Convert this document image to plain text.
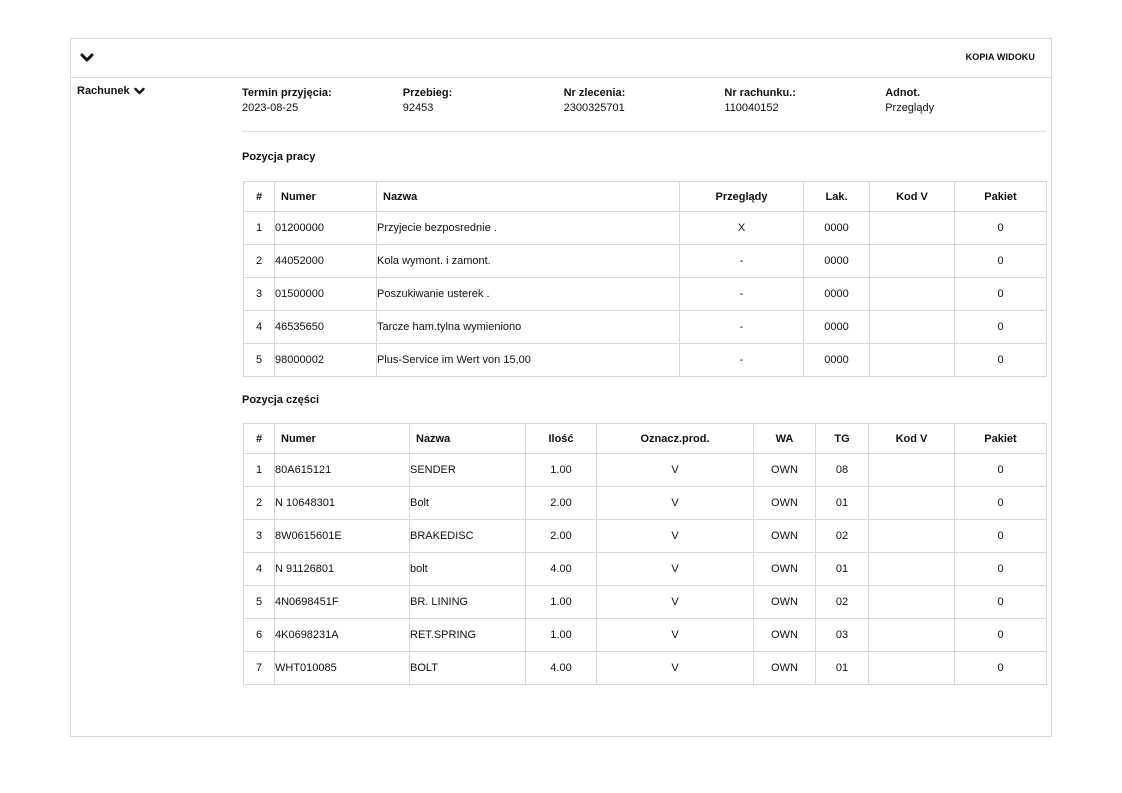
KOPIA WIDOKU
Rachunek	Termin przyjęcia:
2023-08-25
Przebieg:
92453
Nr zlecenia:
2300325701
Nr rachunku.:
110040152
Adnot.
Przeglądy
Pozycja pracy
#	Numer	Nazwa	Przeglądy	Lak.	Kod V	Pakiet
1	01200000	Przyjecie bezposrednie .	X	0000		0
2	44052000	Kola wymont. i zamont.	-	0000		0
3	01500000	Poszukiwanie usterek .	-	0000		0
4	46535650	Tarcze ham.tylna wymieniono	-	0000		0
5	98000002	Plus-Service im Wert von 15,00	-	0000		0
Pozycja części
#	Numer	Nazwa	Ilość	Oznacz.prod.	WA	TG	Kod V	Pakiet
1	80A615121	SENDER	1.00	V	OWN	08		0
2	N 10648301	Bolt	2.00	V	OWN	01		0
3	8W0615601E	BRAKEDISC	2.00	V	OWN	02		0
4	N 91126801	bolt	4.00	V	OWN	01		0
5	4N0698451F	BR. LINING	1.00	V	OWN	02		0
6	4K0698231A	RET.SPRING	1.00	V	OWN	03		0
7	WHT010085	BOLT	4.00	V	OWN	01		0
